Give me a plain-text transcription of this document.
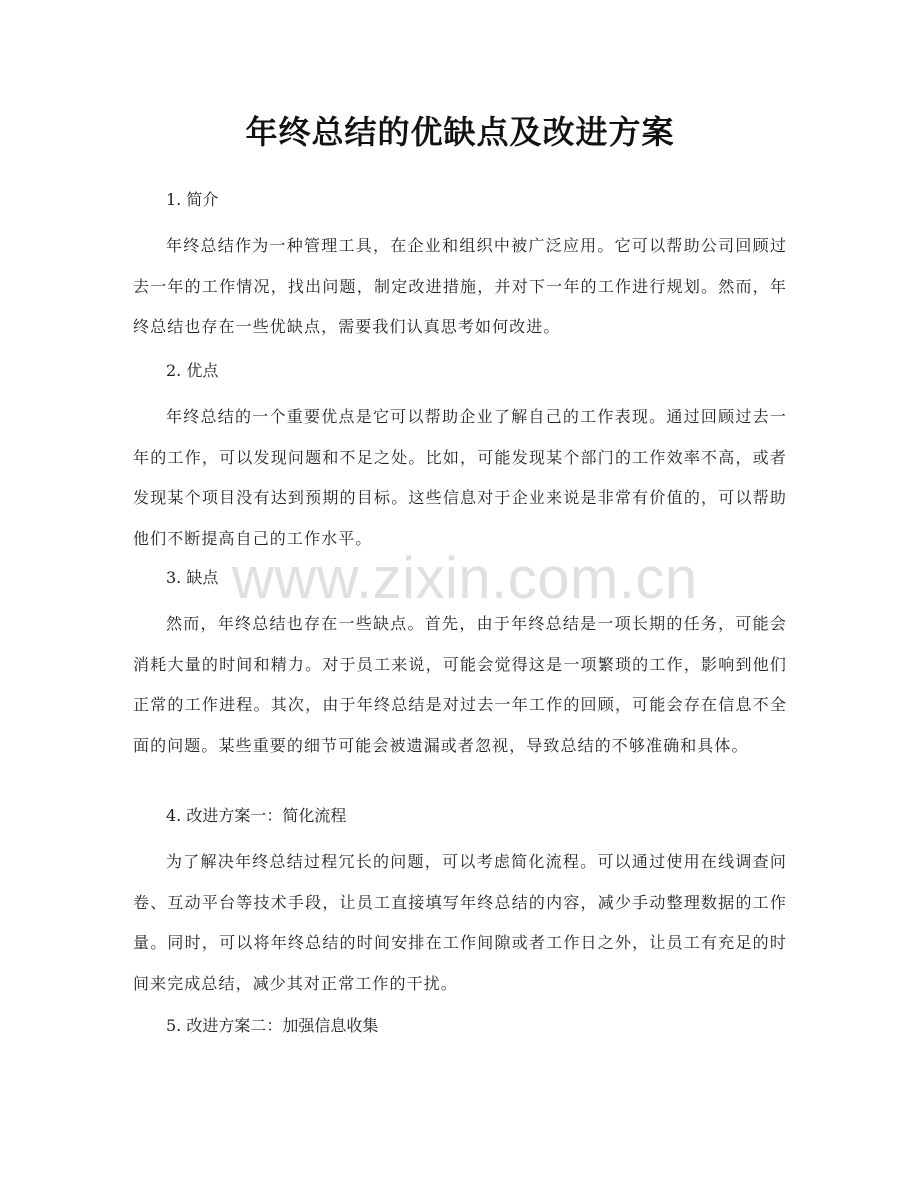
年终总结的优缺点及改进方案
1. 简介

年终总结作为一种管理工具，在企业和组织中被广泛应用。它可以帮助公司回顾过去一年的工作情况，找出问题，制定改进措施，并对下一年的工作进行规划。然而，年终总结也存在一些优缺点，需要我们认真思考如何改进。

2. 优点

年终总结的一个重要优点是它可以帮助企业了解自己的工作表现。通过回顾过去一年的工作，可以发现问题和不足之处。比如，可能发现某个部门的工作效率不高，或者发现某个项目没有达到预期的目标。这些信息对于企业来说是非常有价值的，可以帮助他们不断提高自己的工作水平。

3. 缺点

然而，年终总结也存在一些缺点。首先，由于年终总结是一项长期的任务，可能会消耗大量的时间和精力。对于员工来说，可能会觉得这是一项繁琐的工作，影响到他们正常的工作进程。其次，由于年终总结是对过去一年工作的回顾，可能会存在信息不全面的问题。某些重要的细节可能会被遗漏或者忽视，导致总结的不够准确和具体。

4. 改进方案一：简化流程

为了解决年终总结过程冗长的问题，可以考虑简化流程。可以通过使用在线调查问卷、互动平台等技术手段，让员工直接填写年终总结的内容，减少手动整理数据的工作量。同时，可以将年终总结的时间安排在工作间隙或者工作日之外，让员工有充足的时间来完成总结，减少其对正常工作的干扰。

5. 改进方案二：加强信息收集
www.zixin.com.cn
